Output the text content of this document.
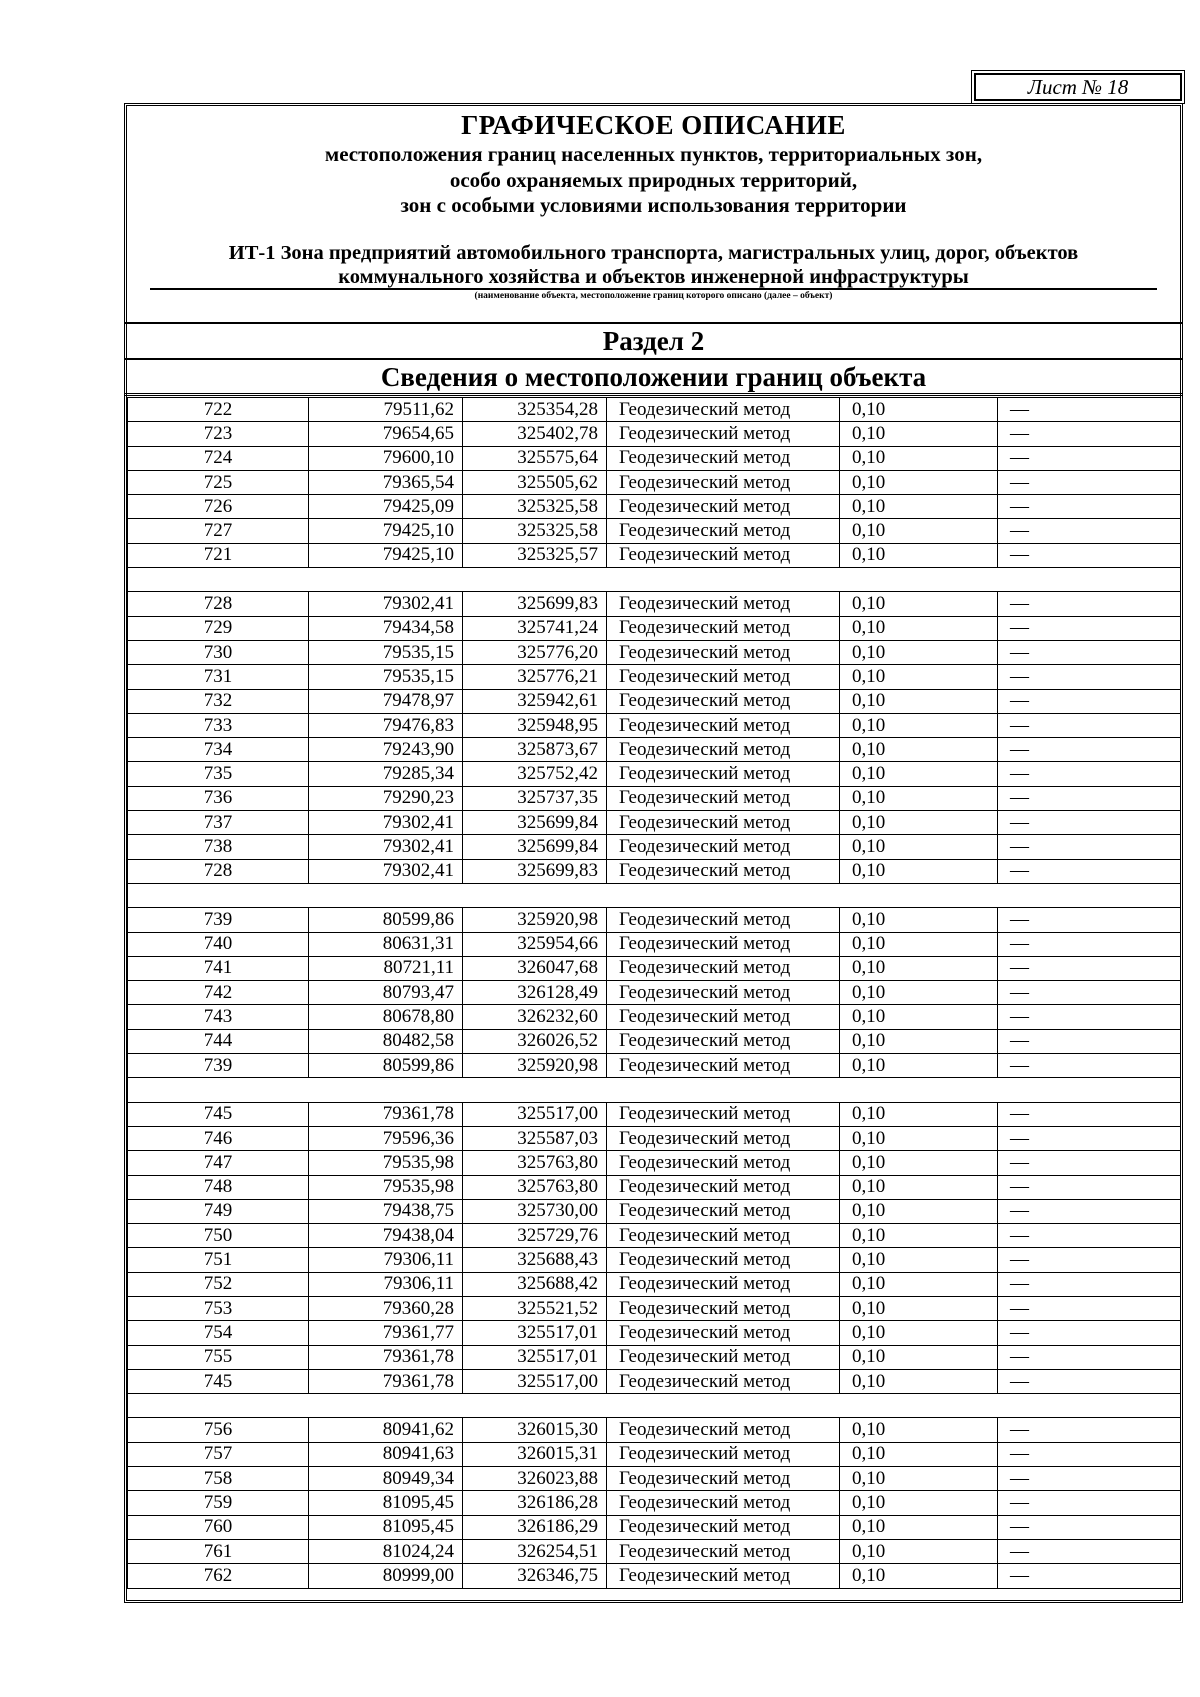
Лист № 18
ГРАФИЧЕСКОЕ ОПИСАНИЕ
местоположения границ населенных пунктов, территориальных зон,
особо охраняемых природных территорий,
зон с особыми условиями использования территории
ИТ-1 Зона предприятий автомобильного транспорта, магистральных улиц, дорог, объектов
коммунального хозяйства и объектов инженерной инфраструктуры
(наименование объекта, местоположение границ которого описано (далее – объект)
Раздел 2
Сведения о местоположении границ объекта
722	79511,62	325354,28	Геодезический метод	0,10	—
723	79654,65	325402,78	Геодезический метод	0,10	—
724	79600,10	325575,64	Геодезический метод	0,10	—
725	79365,54	325505,62	Геодезический метод	0,10	—
726	79425,09	325325,58	Геодезический метод	0,10	—
727	79425,10	325325,58	Геодезический метод	0,10	—
721	79425,10	325325,57	Геодезический метод	0,10	—

728	79302,41	325699,83	Геодезический метод	0,10	—
729	79434,58	325741,24	Геодезический метод	0,10	—
730	79535,15	325776,20	Геодезический метод	0,10	—
731	79535,15	325776,21	Геодезический метод	0,10	—
732	79478,97	325942,61	Геодезический метод	0,10	—
733	79476,83	325948,95	Геодезический метод	0,10	—
734	79243,90	325873,67	Геодезический метод	0,10	—
735	79285,34	325752,42	Геодезический метод	0,10	—
736	79290,23	325737,35	Геодезический метод	0,10	—
737	79302,41	325699,84	Геодезический метод	0,10	—
738	79302,41	325699,84	Геодезический метод	0,10	—
728	79302,41	325699,83	Геодезический метод	0,10	—

739	80599,86	325920,98	Геодезический метод	0,10	—
740	80631,31	325954,66	Геодезический метод	0,10	—
741	80721,11	326047,68	Геодезический метод	0,10	—
742	80793,47	326128,49	Геодезический метод	0,10	—
743	80678,80	326232,60	Геодезический метод	0,10	—
744	80482,58	326026,52	Геодезический метод	0,10	—
739	80599,86	325920,98	Геодезический метод	0,10	—

745	79361,78	325517,00	Геодезический метод	0,10	—
746	79596,36	325587,03	Геодезический метод	0,10	—
747	79535,98	325763,80	Геодезический метод	0,10	—
748	79535,98	325763,80	Геодезический метод	0,10	—
749	79438,75	325730,00	Геодезический метод	0,10	—
750	79438,04	325729,76	Геодезический метод	0,10	—
751	79306,11	325688,43	Геодезический метод	0,10	—
752	79306,11	325688,42	Геодезический метод	0,10	—
753	79360,28	325521,52	Геодезический метод	0,10	—
754	79361,77	325517,01	Геодезический метод	0,10	—
755	79361,78	325517,01	Геодезический метод	0,10	—
745	79361,78	325517,00	Геодезический метод	0,10	—

756	80941,62	326015,30	Геодезический метод	0,10	—
757	80941,63	326015,31	Геодезический метод	0,10	—
758	80949,34	326023,88	Геодезический метод	0,10	—
759	81095,45	326186,28	Геодезический метод	0,10	—
760	81095,45	326186,29	Геодезический метод	0,10	—
761	81024,24	326254,51	Геодезический метод	0,10	—
762	80999,00	326346,75	Геодезический метод	0,10	—
